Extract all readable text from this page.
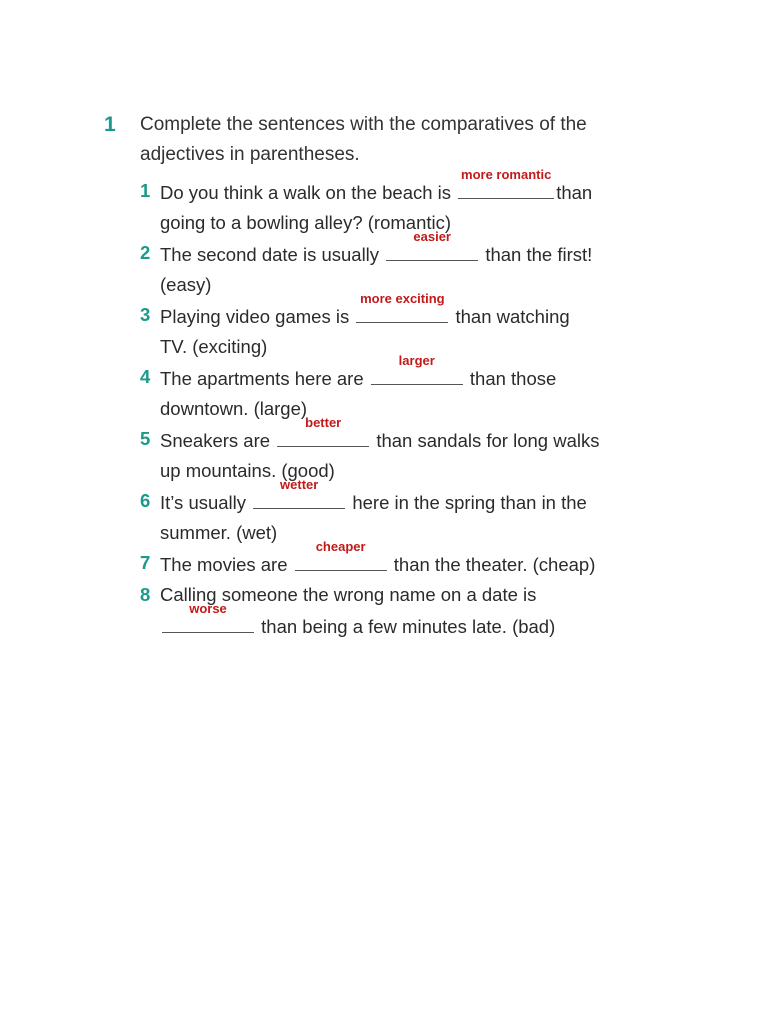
1 Complete the sentences with the comparatives of the adjectives in parentheses.
1 Do you think a walk on the beach is
more romantic
than going to a bowling alley? (romantic)
2 The second date is usually
easier
than the first! (easy)
3 Playing video games is
more exciting
than watching TV. (exciting)
4 The apartments here are
larger
than those downtown. (large)
5 Sneakers are
better
than sandals for long walks up mountains. (good)
6 It’s usually
wetter
here in the spring than in the summer. (wet)
7 The movies are
cheaper
than the theater. (cheap)
8 Calling someone the wrong name on a date is
worse
than being a few minutes late. (bad)
